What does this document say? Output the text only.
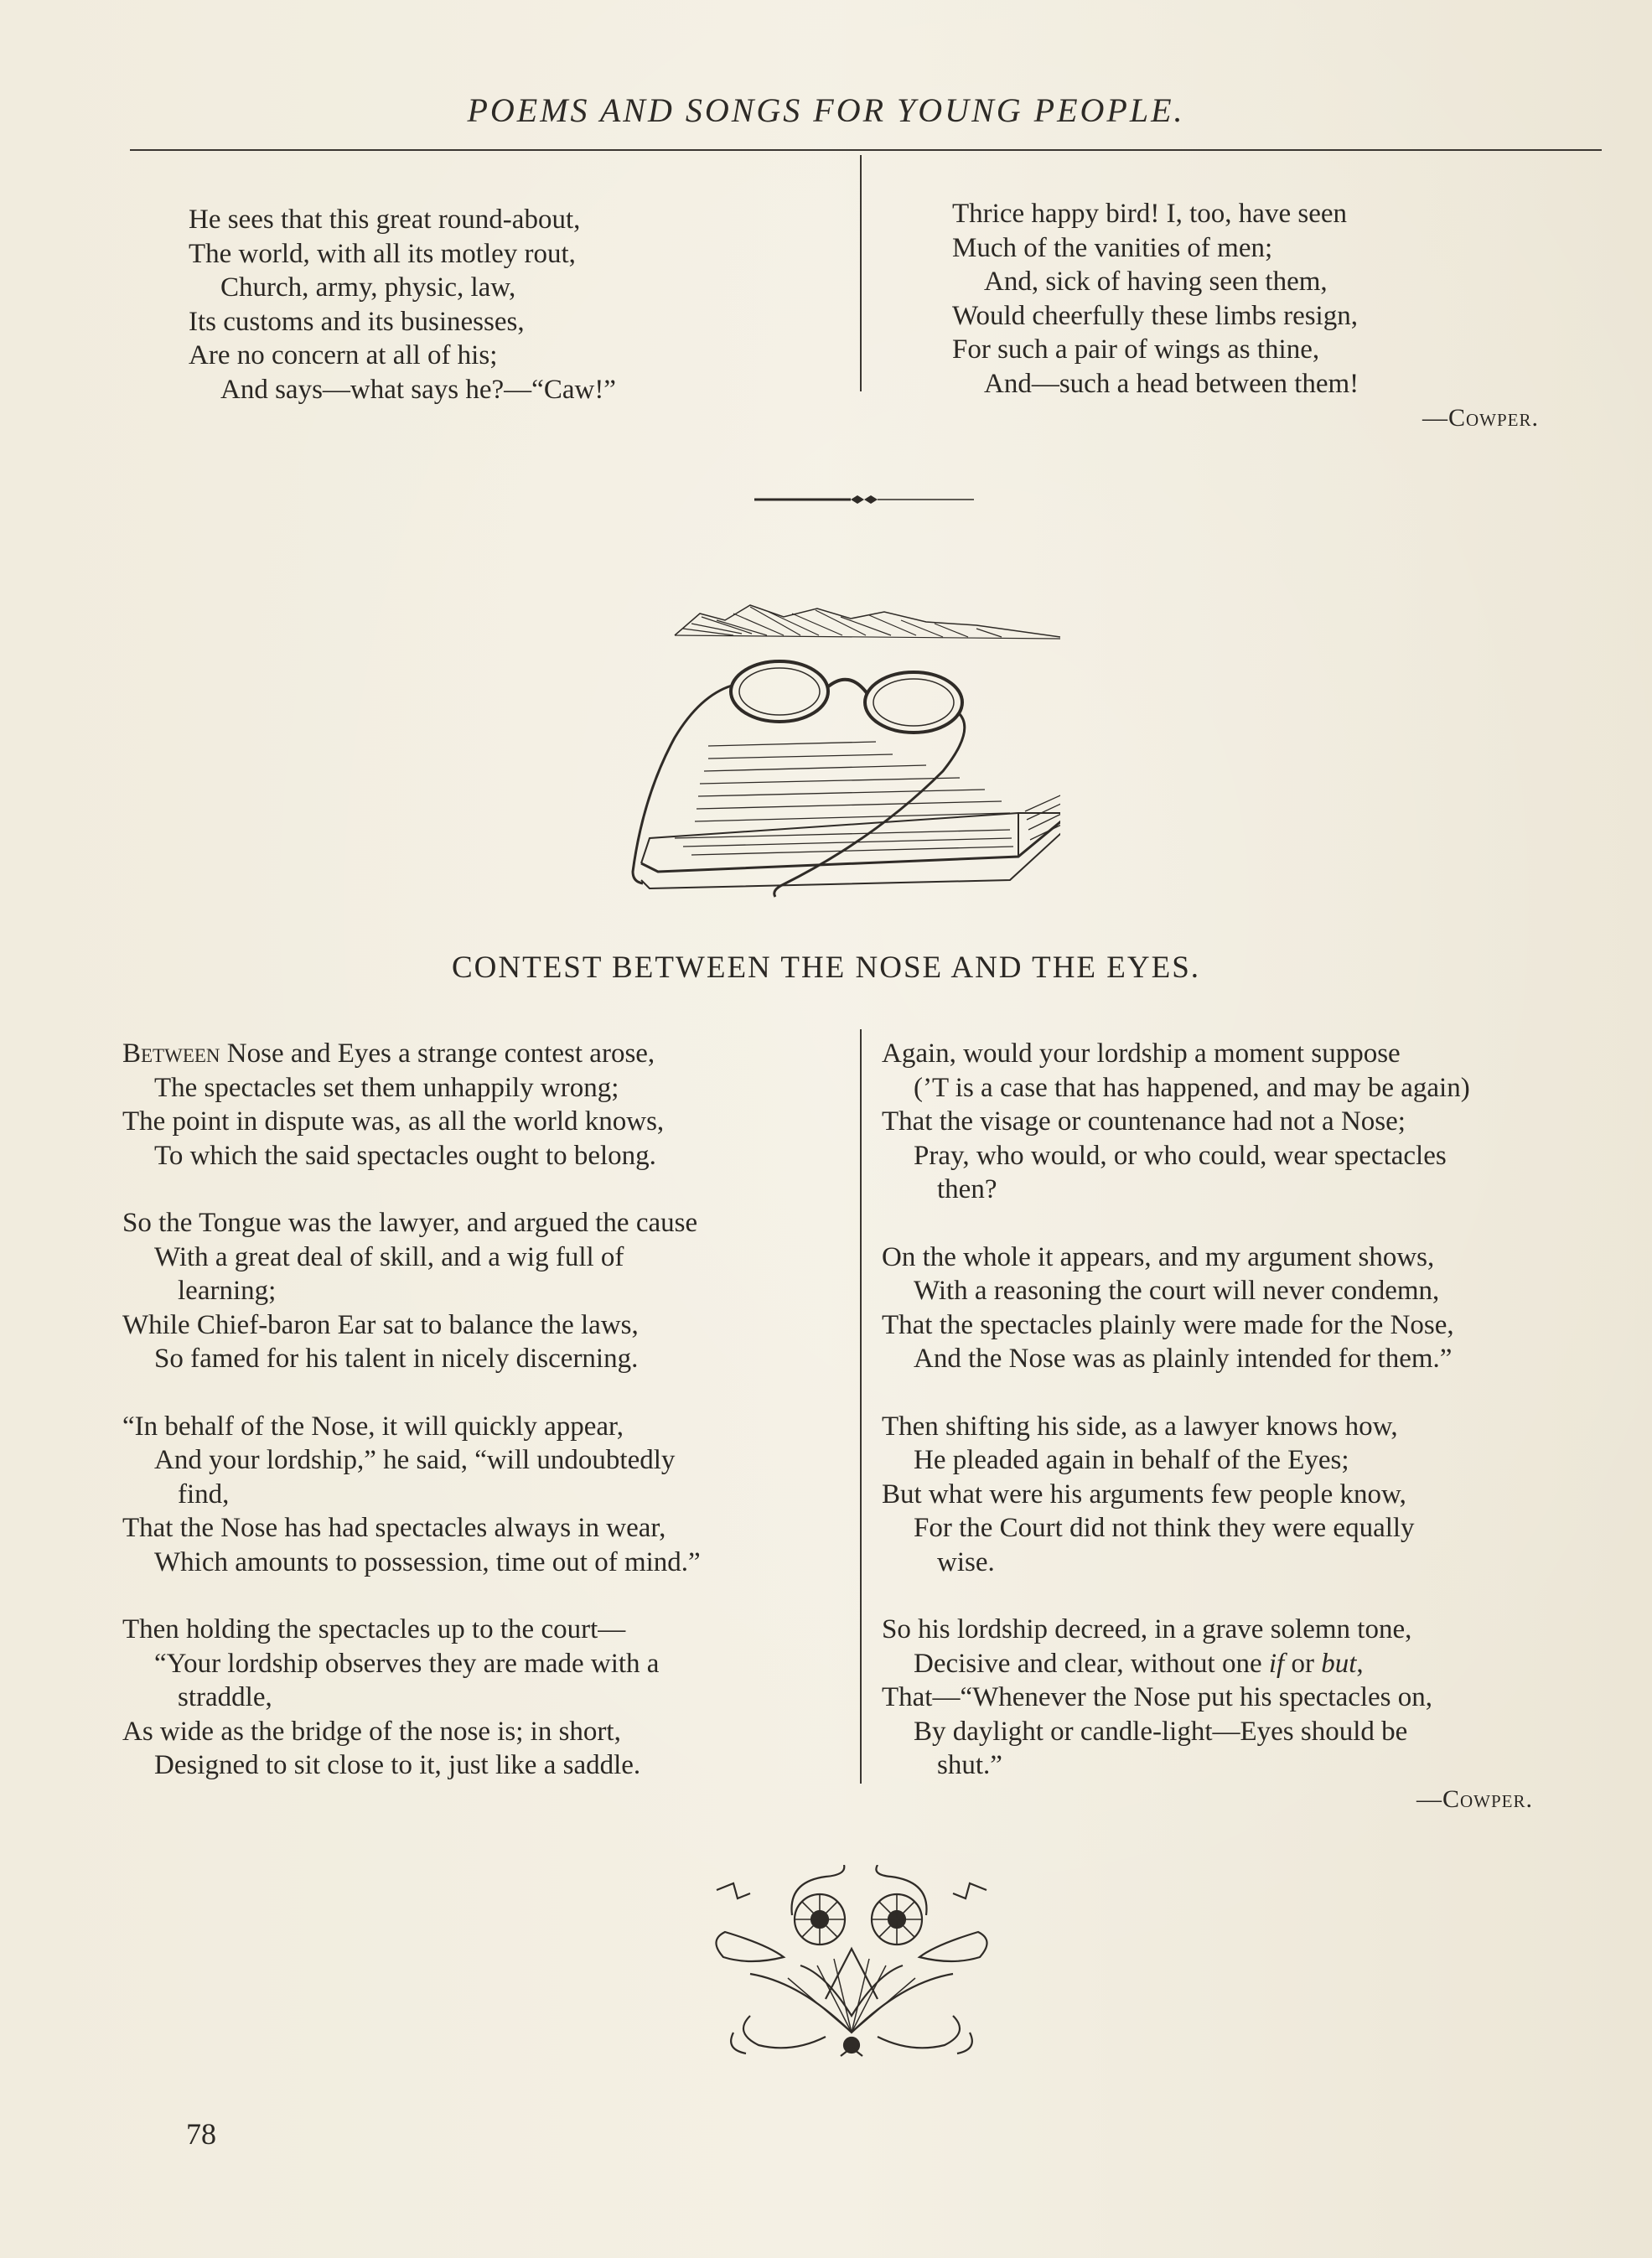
POEMS AND SONGS FOR YOUNG PEOPLE.
He sees that this great round-about,
The world, with all its motley rout,
Church, army, physic, law,
Its customs and its businesses,
Are no concern at all of his;
And says—what says he?—“Caw!”
Thrice happy bird! I, too, have seen
Much of the vanities of men;
And, sick of having seen them,
Would cheerfully these limbs resign,
For such a pair of wings as thine,
And—such a head between them!
—Cowper.
CONTEST BETWEEN THE NOSE AND THE EYES.
Between Nose and Eyes a strange contest arose,
The spectacles set them unhappily wrong;
The point in dispute was, as all the world knows,
To which the said spectacles ought to belong.
So the Tongue was the lawyer, and argued the cause
With a great deal of skill, and a wig full of
learning;
While Chief-baron Ear sat to balance the laws,
So famed for his talent in nicely discerning.
“In behalf of the Nose, it will quickly appear,
And your lordship,” he said, “will undoubtedly
find,
That the Nose has had spectacles always in wear,
Which amounts to possession, time out of mind.”
Then holding the spectacles up to the court—
“Your lordship observes they are made with a
straddle,
As wide as the bridge of the nose is; in short,
Designed to sit close to it, just like a saddle.
Again, would your lordship a moment suppose
(’T is a case that has happened, and may be again)
That the visage or countenance had not a Nose;
Pray, who would, or who could, wear spectacles
then?
On the whole it appears, and my argument shows,
With a reasoning the court will never condemn,
That the spectacles plainly were made for the Nose,
And the Nose was as plainly intended for them.”
Then shifting his side, as a lawyer knows how,
He pleaded again in behalf of the Eyes;
But what were his arguments few people know,
For the Court did not think they were equally
wise.
So his lordship decreed, in a grave solemn tone,
Decisive and clear, without one if or but,
That—“Whenever the Nose put his spectacles on,
By daylight or candle-light—Eyes should be
shut.”
—Cowper.
78
